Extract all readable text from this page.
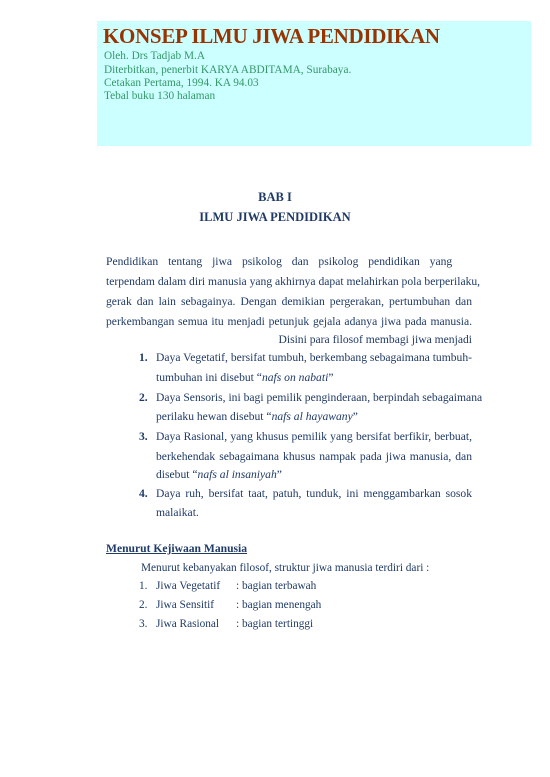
KONSEP ILMU JIWA PENDIDIKAN
Oleh. Drs Tadjab M.A
Diterbitkan, penerbit KARYA ABDITAMA, Surabaya.
Cetakan Pertama, 1994. KA 94.03
Tebal buku 130 halaman
BAB I
ILMU JIWA PENDIDIKAN
Pendidikan tentang jiwa psikolog dan psikolog pendidikan yang
terpendam dalam diri manusia yang akhirnya dapat melahirkan pola berperilaku,
gerak dan lain sebagainya. Dengan demikian pergerakan, pertumbuhan dan
perkembangan semua itu menjadi petunjuk gejala adanya jiwa pada manusia.
Disini para filosof membagi jiwa menjadi
1. Daya Vegetatif, bersifat tumbuh, berkembang sebagaimana tumbuh-
tumbuhan ini disebut “nafs on nabati”
2. Daya Sensoris, ini bagi pemilik penginderaan, berpindah sebagaimana
perilaku hewan disebut “nafs al hayawany”
3. Daya Rasional, yang khusus pemilik yang bersifat berfikir, berbuat,
berkehendak sebagaimana khusus nampak pada jiwa manusia, dan
disebut “nafs al insaniyah”
4. Daya ruh, bersifat taat, patuh, tunduk, ini menggambarkan sosok
malaikat.
Menurut Kejiwaan Manusia
Menurut kebanyakan filosof, struktur jiwa manusia terdiri dari :
1. Jiwa Vegetatif : bagian terbawah
2. Jiwa Sensitif : bagian menengah
3. Jiwa Rasional : bagian tertinggi
